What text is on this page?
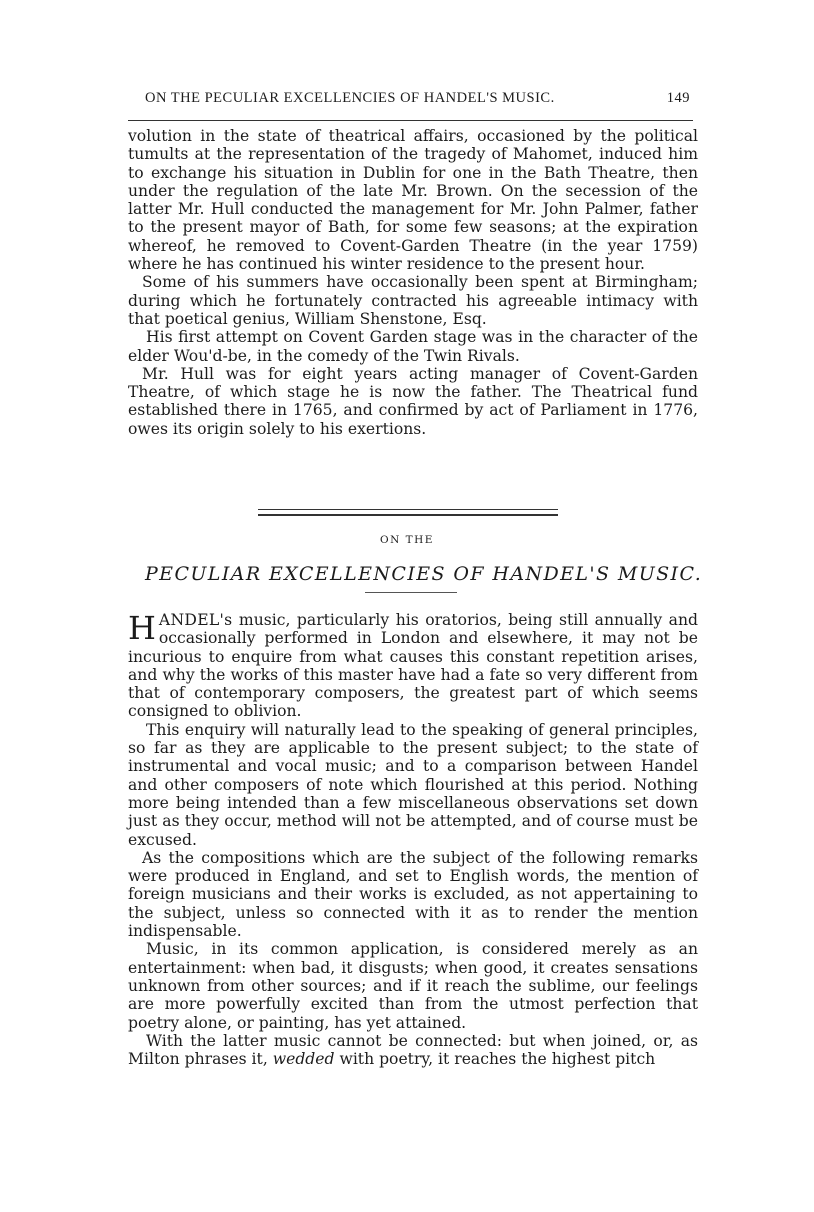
ON THE PECULIAR EXCELLENCIES OF HANDEL'S MUSIC.	149

volution in the state of theatrical affairs, occasioned by the political tumults at the representation of the tragedy of Mahomet, induced him to exchange his situation in Dublin for one in the Bath Theatre, then under the regulation of the late Mr. Brown. On the secession of the latter Mr. Hull conducted the management for Mr. John Palmer, father to the present mayor of Bath, for some few seasons; at the expiration whereof, he removed to Covent-Garden Theatre (in the year 1759) where he has continued his winter residence to the present hour.

Some of his summers have occasionally been spent at Birmingham; during which he fortunately contracted his agreeable intimacy with that poetical genius, William Shenstone, Esq.

His first attempt on Covent Garden stage was in the character of the elder Wou'd-be, in the comedy of the Twin Rivals.

Mr. Hull was for eight years acting manager of Covent-Garden Theatre, of which stage he is now the father. The Theatrical fund established there in 1765, and confirmed by act of Parliament in 1776, owes its origin solely to his exertions.

ON THE
PECULIAR EXCELLENCIES OF HANDEL'S MUSIC.

HANDEL's music, particularly his oratorios, being still annually and occasionally performed in London and elsewhere, it may not be incurious to enquire from what causes this constant repetition arises, and why the works of this master have had a fate so very different from that of contemporary composers, the greatest part of which seems consigned to oblivion.

This enquiry will naturally lead to the speaking of general principles, so far as they are applicable to the present subject; to the state of instrumental and vocal music; and to a comparison between Handel and other composers of note which flourished at this period. Nothing more being intended than a few miscellaneous observations set down just as they occur, method will not be attempted, and of course must be excused.

As the compositions which are the subject of the following remarks were produced in England, and set to English words, the mention of foreign musicians and their works is excluded, as not appertaining to the subject, unless so connected with it as to render the mention indispensable.

Music, in its common application, is considered merely as an entertainment: when bad, it disgusts; when good, it creates sensations unknown from other sources; and if it reach the sublime, our feelings are more powerfully excited than from the utmost perfection that poetry alone, or painting, has yet attained.

With the latter music cannot be connected: but when joined, or, as Milton phrases it, wedded with poetry, it reaches the highest pitch
